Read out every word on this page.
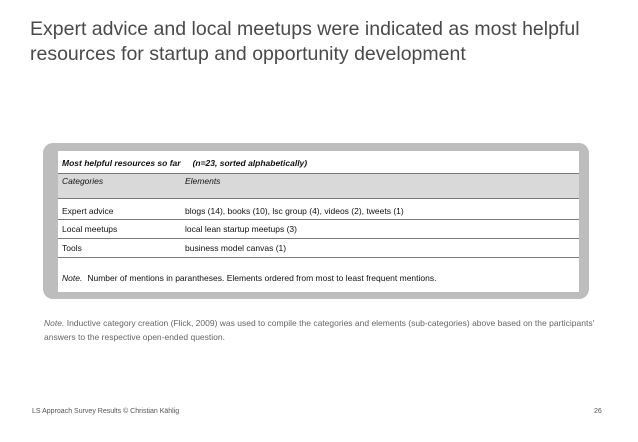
Expert advice and local meetups were indicated as most helpful resources for startup and opportunity development
Most helpful resources so far (n=23, sorted alphabetically)
Categories	Elements
Expert advice	blogs (14), books (10), lsc group (4), videos (2), tweets (1)
Local meetups	local lean startup meetups (3)
Tools	business model canvas (1)
Note. Number of mentions in parantheses. Elements ordered from most to least frequent mentions.
Note. Inductive category creation (Flick, 2009) was used to compile the categories and elements (sub-categories) above based on the participants' answers to the respective open-ended question.
LS Approach Survey Results © Christian Kählig	26
